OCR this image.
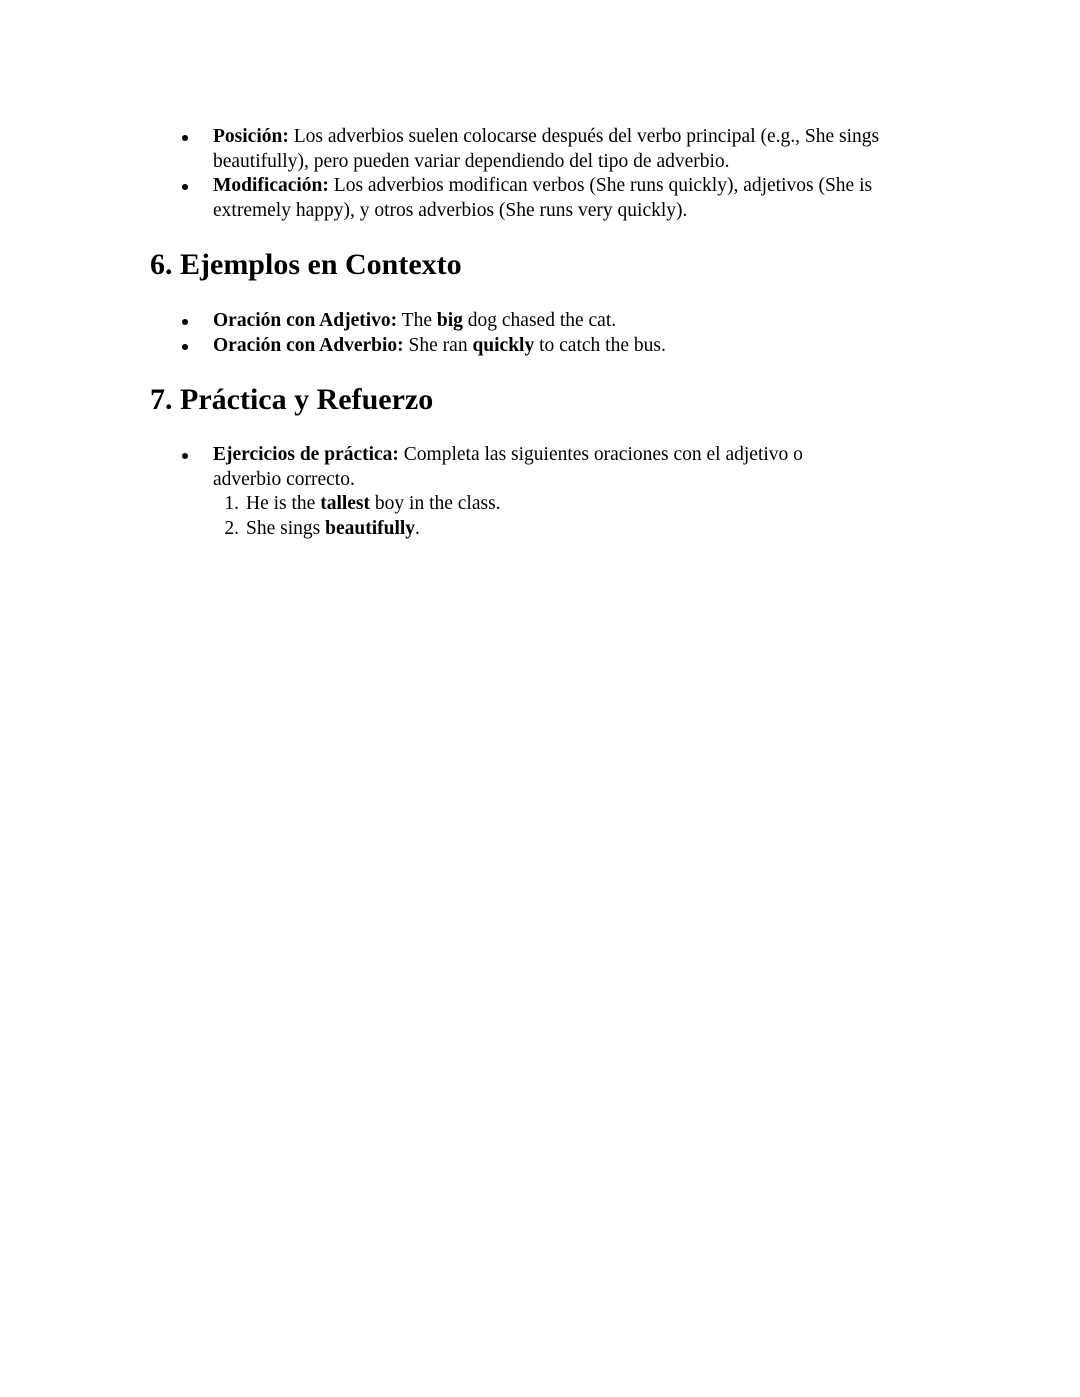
Posición: Los adverbios suelen colocarse después del verbo principal (e.g., She sings beautifully), pero pueden variar dependiendo del tipo de adverbio.
Modificación: Los adverbios modifican verbos (She runs quickly), adjetivos (She is extremely happy), y otros adverbios (She runs very quickly).
6. Ejemplos en Contexto
Oración con Adjetivo: The big dog chased the cat.
Oración con Adverbio: She ran quickly to catch the bus.
7. Práctica y Refuerzo
Ejercicios de práctica: Completa las siguientes oraciones con el adjetivo o adverbio correcto.
1. He is the tallest boy in the class.
2. She sings beautifully.
